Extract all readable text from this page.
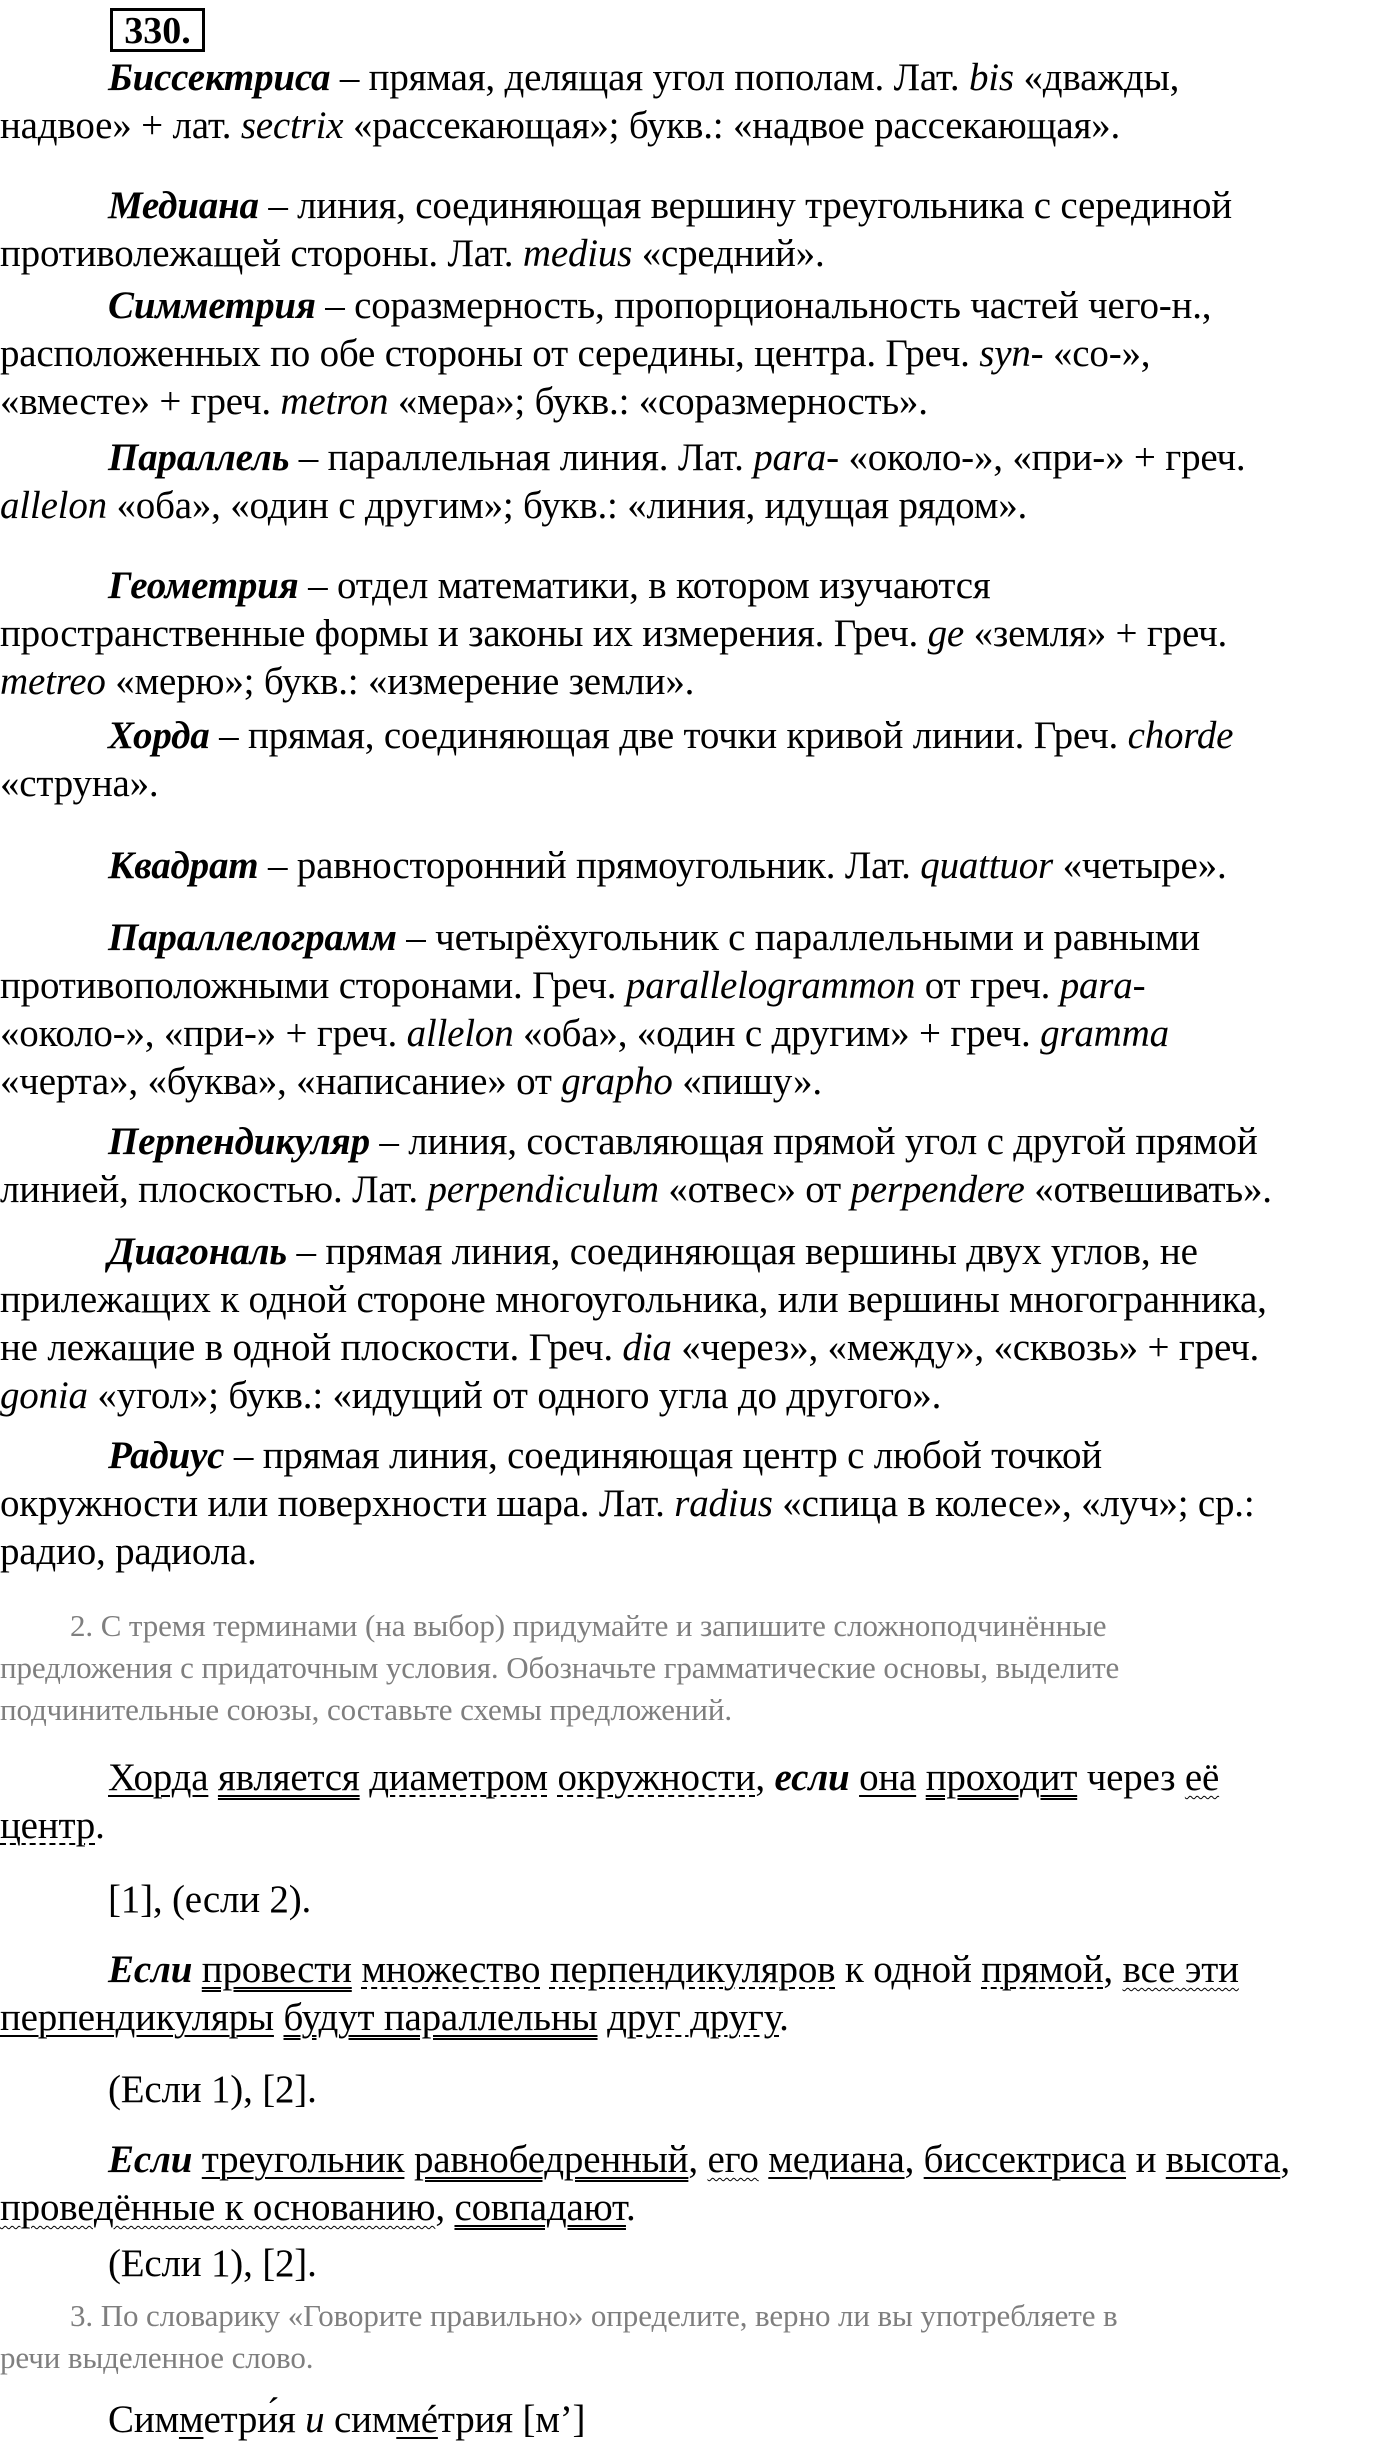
330.
Биссектриса – прямая, делящая угол пополам. Лат. bis «дважды,
надвое» + лат. sectrix «рассекающая»; букв.: «надвое рассекающая».
Медиана – линия, соединяющая вершину треугольника с серединой
противолежащей стороны. Лат. medius «средний».
Симметрия – соразмерность, пропорциональность частей чего-н.,
расположенных по обе стороны от середины, центра. Греч. syn- «со-»,
«вместе» + греч. metron «мера»; букв.: «соразмерность».
Параллель – параллельная линия. Лат. para- «около-», «при-» + греч.
allelon «оба», «один с другим»; букв.: «линия, идущая рядом».
Геометрия – отдел математики, в котором изучаются
пространственные формы и законы их измерения. Греч. ge «земля» + греч.
metreo «мерю»; букв.: «измерение земли».
Хорда – прямая, соединяющая две точки кривой линии. Греч. chorde
«струна».
Квадрат – равносторонний прямоугольник. Лат. quattuor «четыре».
Параллелограмм – четырёхугольник с параллельными и равными
противоположными сторонами. Греч. parallelogrammon от греч. para-
«около-», «при-» + греч. allelon «оба», «один с другим» + греч. gramma
«черта», «буква», «написание» от grapho «пишу».
Перпендикуляр – линия, составляющая прямой угол с другой прямой
линией, плоскостью. Лат. perpendiculum «отвес» от perpendere «отвешивать».
Диагональ – прямая линия, соединяющая вершины двух углов, не
прилежащих к одной стороне многоугольника, или вершины многогранника,
не лежащие в одной плоскости. Греч. dia «через», «между», «сквозь» + греч.
gonia «угол»; букв.: «идущий от одного угла до другого».
Радиус – прямая линия, соединяющая центр с любой точкой
окружности или поверхности шара. Лат. radius «спица в колесе», «луч»; ср.:
радио, радиола.
2. С тремя терминами (на выбор) придумайте и запишите сложноподчинённые
предложения с придаточным условия. Обозначьте грамматические основы, выделите
подчинительные союзы, составьте схемы предложений.
Хорда является диаметром окружности, если она проходит через её
центр.
[1], (если 2).
Если провести множество перпендикуляров к одной прямой, все эти
перпендикуляры будут параллельны друг другу.
(Если 1), [2].
Если треугольник равнобедренный, его медиана, биссектриса и высота,
проведённые к основанию, совпадают.
(Если 1), [2].
3. По словарику «Говорите правильно» определите, верно ли вы употребляете в
речи выделенное слово.
Симметри́я и симмéтрия [м’]
